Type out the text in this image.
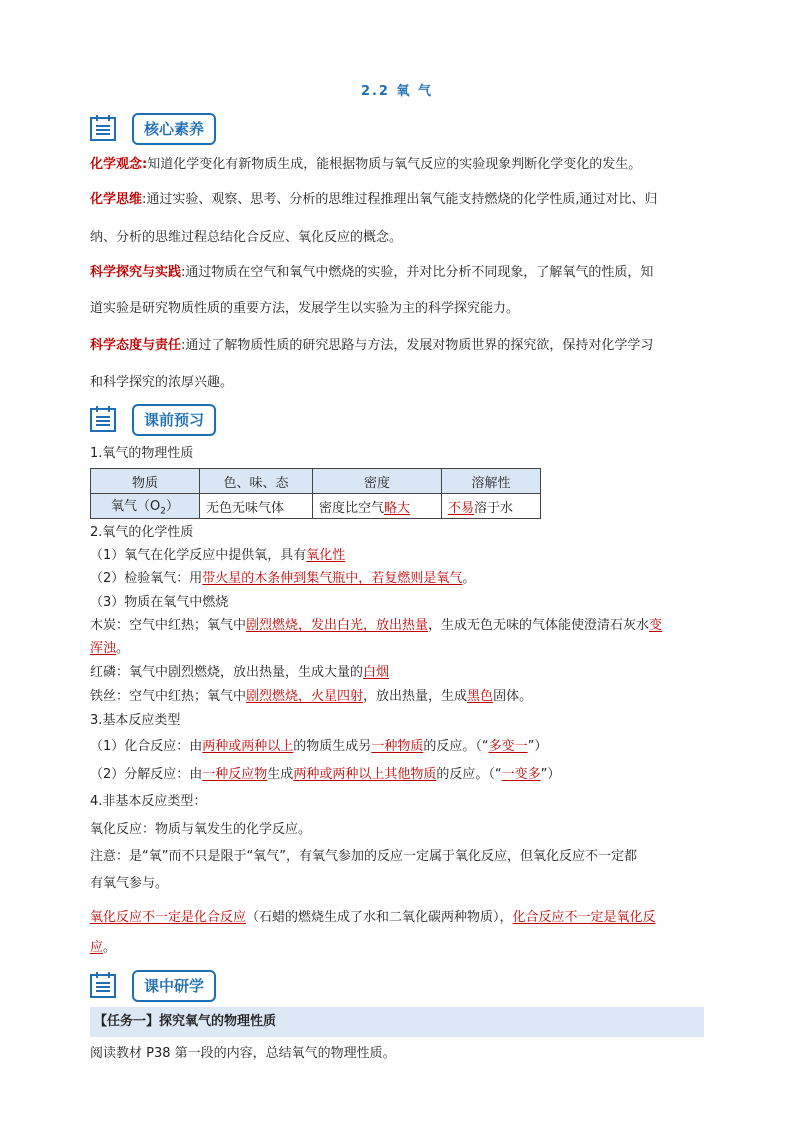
2.2 氧 气
核心素养
化学观念:知道化学变化有新物质生成，能根据物质与氧气反应的实验现象判断化学变化的发生。
化学思维:通过实验、观察、思考、分析的思维过程推理出氧气能支持燃烧的化学性质,通过对比、归
纳、分析的思维过程总结化合反应、氧化反应的概念。
科学探究与实践:通过物质在空气和氧气中燃烧的实验，并对比分析不同现象，了解氧气的性质，知
道实验是研究物质性质的重要方法，发展学生以实验为主的科学探究能力。
科学态度与责任:通过了解物质性质的研究思路与方法，发展对物质世界的探究欲，保持对化学学习
和科学探究的浓厚兴趣。
课前预习
1.氧气的物理性质
物质	色、味、态	密度	溶解性
氧气$(O_2)$	无色无味气体	密度比空气略大	不易溶于水
2.氧气的化学性质
（1）氧气在化学反应中提供氧，具有氧化性
（2）检验氧气：用带火星的木条伸到集气瓶中，若复燃则是氧气。
（3）物质在氧气中燃烧
木炭：空气中红热；氧气中剧烈燃烧，发出白光，放出热量，生成无色无味的气体能使澄清石灰水变
浑浊。
红磷：氧气中剧烈燃烧，放出热量，生成大量的白烟
铁丝：空气中红热；氧气中剧烈燃烧，火星四射，放出热量，生成黑色固体。
3.基本反应类型
（1）化合反应：由两种或两种以上的物质生成另一种物质的反应。（“多变一”）
（2）分解反应：由一种反应物生成两种或两种以上其他物质的反应。（“一变多”）
4.非基本反应类型：
氧化反应：物质与氧发生的化学反应。
注意：是“氧”而不只是限于“氧气”，有氧气参加的反应一定属于氧化反应，但氧化反应不一定都
有氧气参与。
氧化反应不一定是化合反应（石蜡的燃烧生成了水和二氧化碳两种物质），化合反应不一定是氧化反
应。
课中研学
【任务一】探究氧气的物理性质
阅读教材 P38 第一段的内容，总结氧气的物理性质。
